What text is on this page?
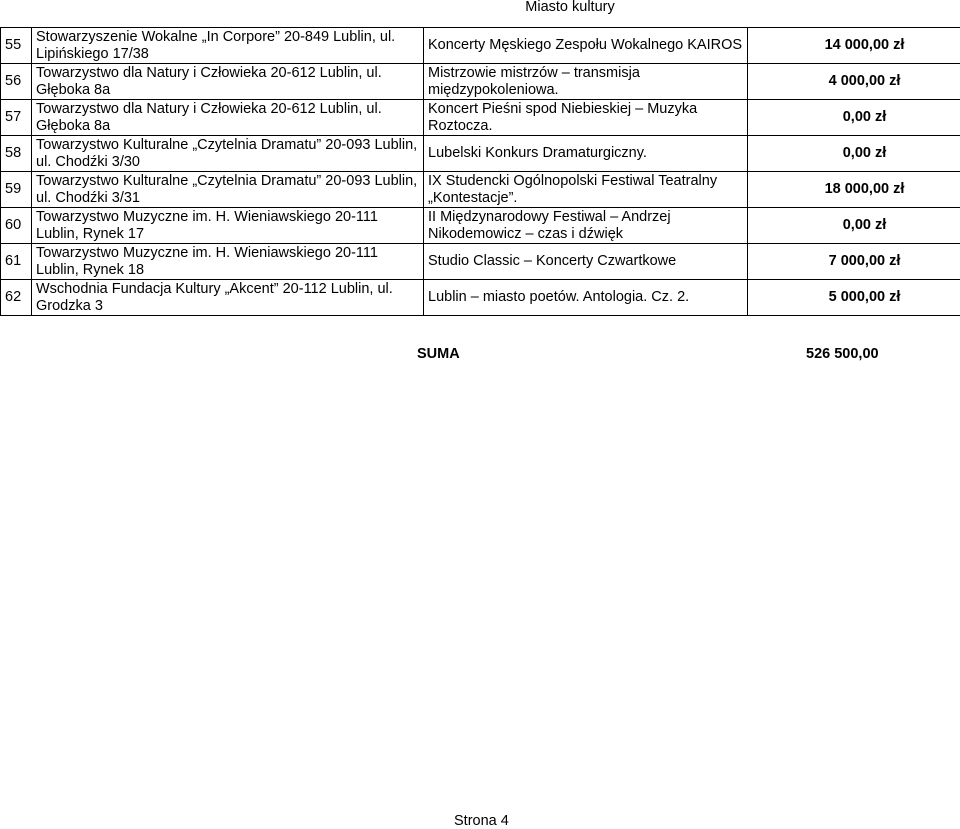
Miasto kultury
55	Stowarzyszenie Wokalne „In Corpore” 20-849 Lublin, ul. Lipińskiego 17/38	Koncerty Męskiego Zespołu Wokalnego KAIROS	14 000,00 zł
56	Towarzystwo dla Natury i Człowieka 20-612 Lublin, ul. Głęboka 8a	Mistrzowie mistrzów – transmisja międzypokoleniowa.	4 000,00 zł
57	Towarzystwo dla Natury i Człowieka 20-612 Lublin, ul. Głęboka 8a	Koncert Pieśni spod Niebieskiej – Muzyka Roztocza.	0,00 zł
58	Towarzystwo Kulturalne „Czytelnia Dramatu” 20-093 Lublin, ul. Chodźki 3/30	Lubelski Konkurs Dramaturgiczny.	0,00 zł
59	Towarzystwo Kulturalne „Czytelnia Dramatu” 20-093 Lublin, ul. Chodźki 3/31	IX Studencki Ogólnopolski Festiwal Teatralny „Kontestacje”.	18 000,00 zł
60	Towarzystwo Muzyczne im. H. Wieniawskiego 20-111 Lublin, Rynek 17	II Międzynarodowy Festiwal – Andrzej Nikodemowicz – czas i dźwięk	0,00 zł
61	Towarzystwo Muzyczne im. H. Wieniawskiego 20-111 Lublin, Rynek 18	Studio Classic – Koncerty Czwartkowe	7 000,00 zł
62	Wschodnia Fundacja Kultury „Akcent” 20-112 Lublin, ul. Grodzka 3	Lublin – miasto poetów. Antologia. Cz. 2.	5 000,00 zł
SUMA	526 500,00
Strona 4
